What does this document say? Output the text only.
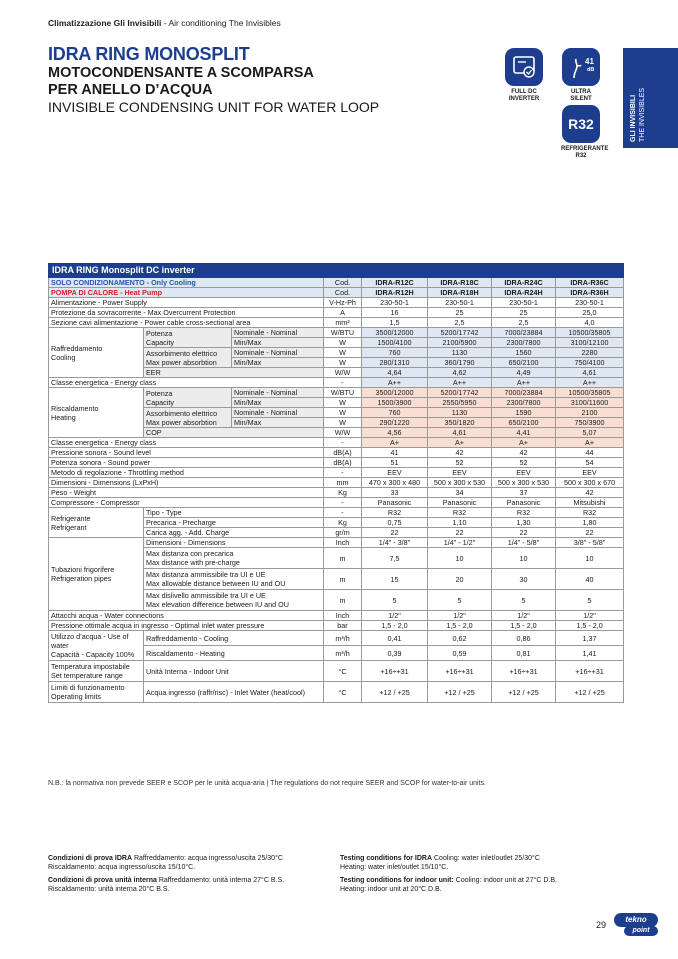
Climatizzazione Gli Invisibili - Air conditioning The Invisibles
IDRA RING MONOSPLIT
MOTOCONDENSANTE A SCOMPARSA
PER ANELLO D’ACQUA
INVISIBLE CONDENSING UNIT FOR WATER LOOP
FULL DC
INVERTER
41
dB
ULTRA
SILENT
R32
REFRIGERANTE
R32
GLI INVISIBILI THE INVISIBLES
IDRA RING Monosplit DC inverter							
SOLO CONDIZIONAMENTO - Only Cooling			Cod.	IDRA-R12C	IDRA-R18C	IDRA-R24C	IDRA-R36C
POMPA DI CALORE - Heat Pump			Cod.	IDRA-R12H	IDRA-R18H	IDRA-R24H	IDRA-R36H
Alimentazione - Power Supply			V-Hz-Ph	230-50-1	230-50-1	230-50-1	230-50-1
Protezione da sovracorrente - Max Overcurrent Protection			A	16	25	25	25,0
Sezione cavi alimentazione - Power cable cross-sectional area			mm²	1,5	2,5	2,5	4,0
Raffreddamento
Cooling	Potenza
Capacity	Nominale - Nominal	W/BTU	3500/12000	5200/17742	7000/23884	10500/35805
		Min/Max	W	1500/4100	2100/5900	2300/7800	3100/12100
	Assorbimento elettrico
Max power absorbtion	Nominale - Nominal	W	760	1130	1560	2280
		Min/Max	W	280/1310	360/1790	650/2100	750/4100
	EER		W/W	4,64	4,62	4,49	4,61
Classe energetica - Energy class			-	A++	A++	A++	A++
Riscaldamento
Heating	Potenza
Capacity	Nominale - Nominal	W/BTU	3500/12000	5200/17742	7000/23884	10500/35805
		Min/Max	W	1500/3900	2550/5950	2300/7800	3100/11600
	Assorbimento elettrico
Max power absorbtion	Nominale - Nominal	W	760	1130	1590	2100
		Min/Max	W	290/1220	350/1820	650/2100	750/3900
	COP		W/W	4,56	4,61	4,41	5,07
Classe energetica - Energy class			-	A+	A+	A+	A+
Pressione sonora - Sound level			dB(A)	41	42	42	44
Potenza sonora - Sound power			dB(A)	51	52	52	54
Metodo di regolazione - Throttling method			-	EEV	EEV	EEV	EEV
Dimensioni - Dimensions (LxPxH)			mm	470 x 300 x 480	500 x 300 x 530	500 x 300 x 530	500 x 300 x 670
Peso - Weight			Kg	33	34	37	42
Compressore - Compressor			-	Panasonic	Panasonic	Panasonic	Mitsubishi
Refrigerante
Refrigerant	Tipo - Type		-	R32	R32	R32	R32
	Precarica - Precharge		Kg	0,75	1,10	1,30	1,80
	Carica agg. - Add. Charge		gr/m	22	22	22	22
Tubazioni frigorifere
Refrigeration pipes	Dimensioni - Dimensions		Inch	1/4" - 3/8"	1/4" - 1/2"	1/4" - 5/8"	3/8" - 5/8"
	Max distanza con precarica
Max distance with pre-charge		m	7,5	10	10	10
	Max distanza ammissibile tra UI e UE
Max allowable distance between IU and OU		m	15	20	30	40
	Max dislivello ammissibile tra UI e UE
Max elevation difference between IU and OU		m	5	5	5	5
Attacchi acqua - Water connections			Inch	1/2"	1/2"	1/2"	1/2"
Pressione ottimale acqua in ingresso - Optimal inlet water pressure			bar	1,5 - 2,0	1,5 - 2,0	1,5 - 2,0	1,5 - 2,0
Utilizzo d’acqua - Use of water
Capacità - Capacity 100%	Raffreddamento - Cooling		m³/h	0,41	0,62	0,86	1,37
	Riscaldamento - Heating		m³/h	0,39	0,59	0,81	1,41
Temperatura impostabile
Set temperature range	Unità Interna - Indoor Unit		°C	+16÷+31	+16÷+31	+16÷+31	+16÷+31
Limiti di funzionamento
Operating limits	Acqua ingresso (raffr/risc) - Inlet Water (heat/cool)		°C	+12 / +25	+12 / +25	+12 / +25	+12 / +25
N.B.: la normativa non prevede SEER e SCOP per le unità acqua-aria | The regulations do not require SEER and SCOP for water-to-air units.

Condizioni di prova IDRA Raffreddamento: acqua ingresso/uscita 25/30°C
Riscaldamento: acqua ingresso/uscita 15/10°C.

Condizioni di prova unità interna Raffreddamento: unità interna 27°C B.S.
Riscaldamento: unità interna 20°C B.S.

Testing conditions for IDRA Cooling: water inlet/outlet 25/30°C
Heating: water inlet/outlet 15/10°C.

Testing conditions for indoor unit: Cooling: indoor unit at 27°C D.B.
Heating: indoor unit at 20°C D.B.

29
tekno
point
